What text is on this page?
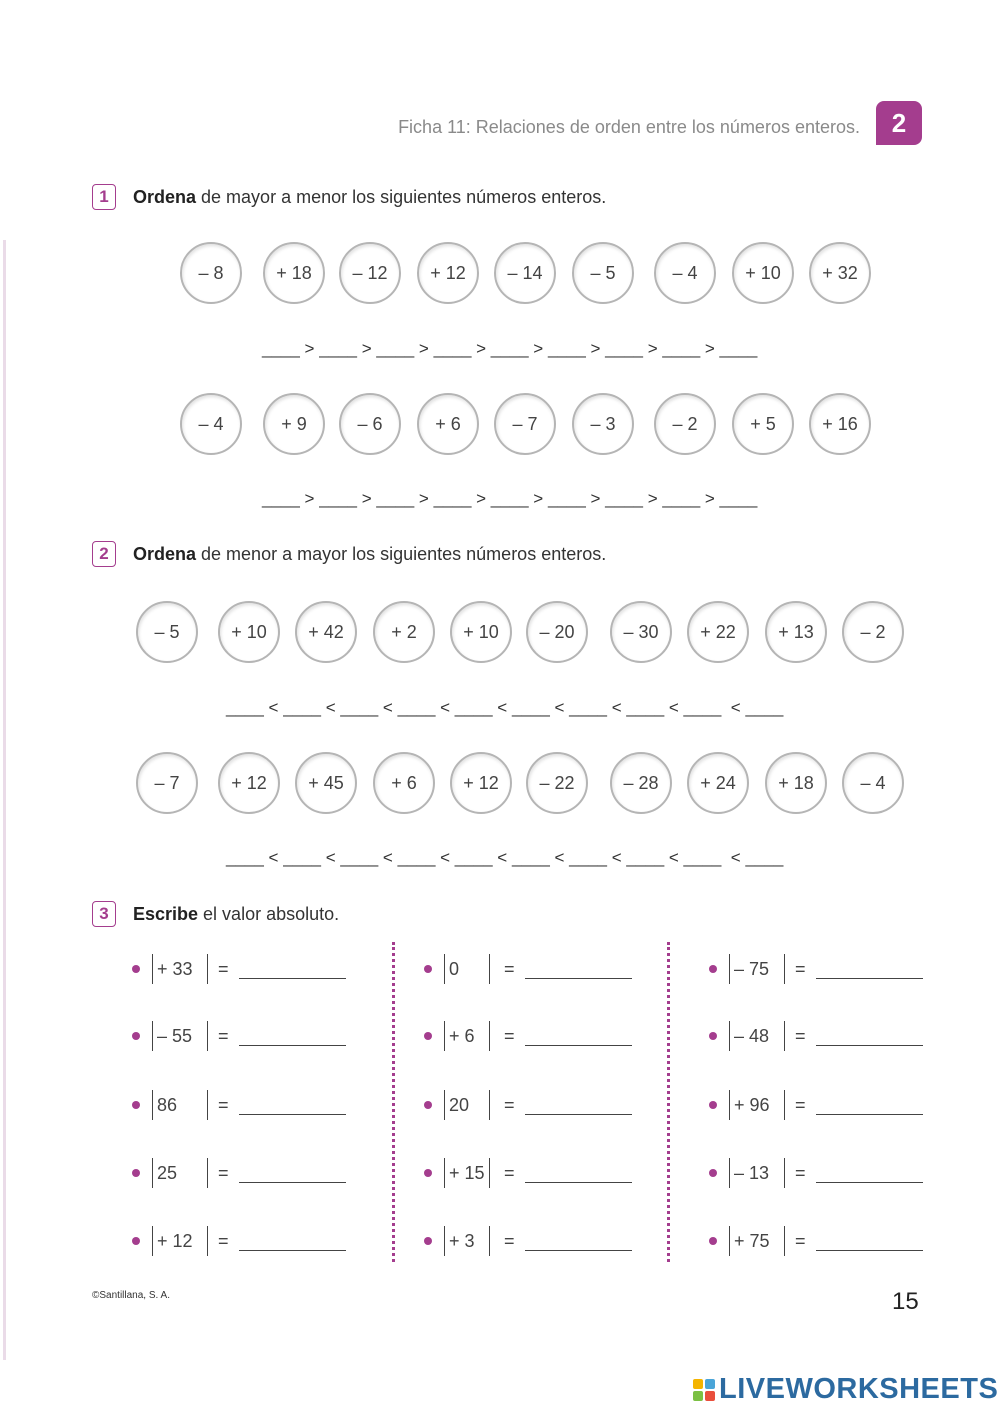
Ficha 11: Relaciones de orden entre los números enteros.	2
1	Ordena de mayor a menor los siguientes números enteros.
– 8	+ 18	– 12	+ 12	– 14	– 5	– 4	+ 10	+ 32
____ > ____ > ____ > ____ > ____ > ____ > ____ > ____ > ____
– 4	+ 9	– 6	+ 6	– 7	– 3	– 2	+ 5	+ 16
____ > ____ > ____ > ____ > ____ > ____ > ____ > ____ > ____
2	Ordena de menor a mayor los siguientes números enteros.
– 5	+ 10	+ 42	+ 2	+ 10	– 20	– 30	+ 22	+ 13	– 2
____ < ____ < ____ < ____ < ____ < ____ < ____ < ____ < ____  < ____
– 7	+ 12	+ 45	+ 6	+ 12	– 22	– 28	+ 24	+ 18	– 4
____ < ____ < ____ < ____ < ____ < ____ < ____ < ____ < ____  < ____
3	Escribe el valor absoluto.
+ 33	=
– 55	=
86	=
25	=
+ 12	=
0	=
+ 6	=
20	=
+ 15	=
+ 3	=
– 75	=
– 48	=
+ 96	=
– 13	=
+ 75	=
©Santillana, S. A.	15
LIVEWORKSHEETS
